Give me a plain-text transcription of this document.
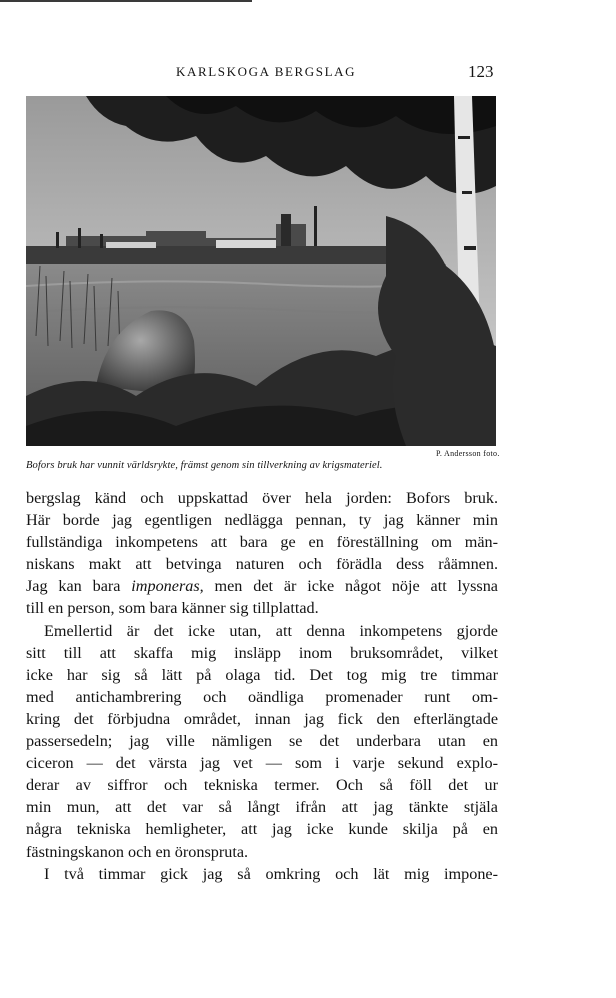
KARLSKOGA BERGSLAG	123
P. Andersson foto.
Bofors bruk har vunnit världsrykte, främst genom sin tillverkning av krigsmateriel.
bergslag känd och uppskattad över hela jorden: Bofors bruk.
Här borde jag egentligen nedlägga pennan, ty jag känner min
fullständiga inkompetens att bara ge en föreställning om män-
niskans makt att betvinga naturen och förädla dess råämnen.
Jag kan bara imponeras, men det är icke något nöje att lyssna
till en person, som bara känner sig tillplattad.
Emellertid är det icke utan, att denna inkompetens gjorde
sitt till att skaffa mig insläpp inom bruksområdet, vilket
icke har sig så lätt på olaga tid. Det tog mig tre timmar
med antichambrering och oändliga promenader runt om-
kring det förbjudna området, innan jag fick den efterlängtade
passersedeln; jag ville nämligen se det underbara utan en
ciceron — det värsta jag vet — som i varje sekund explo-
derar av siffror och tekniska termer. Och så föll det ur
min mun, att det var så långt ifrån att jag tänkte stjäla
några tekniska hemligheter, att jag icke kunde skilja på en
fästningskanon och en öronspruta.
I två timmar gick jag så omkring och lät mig impone-
